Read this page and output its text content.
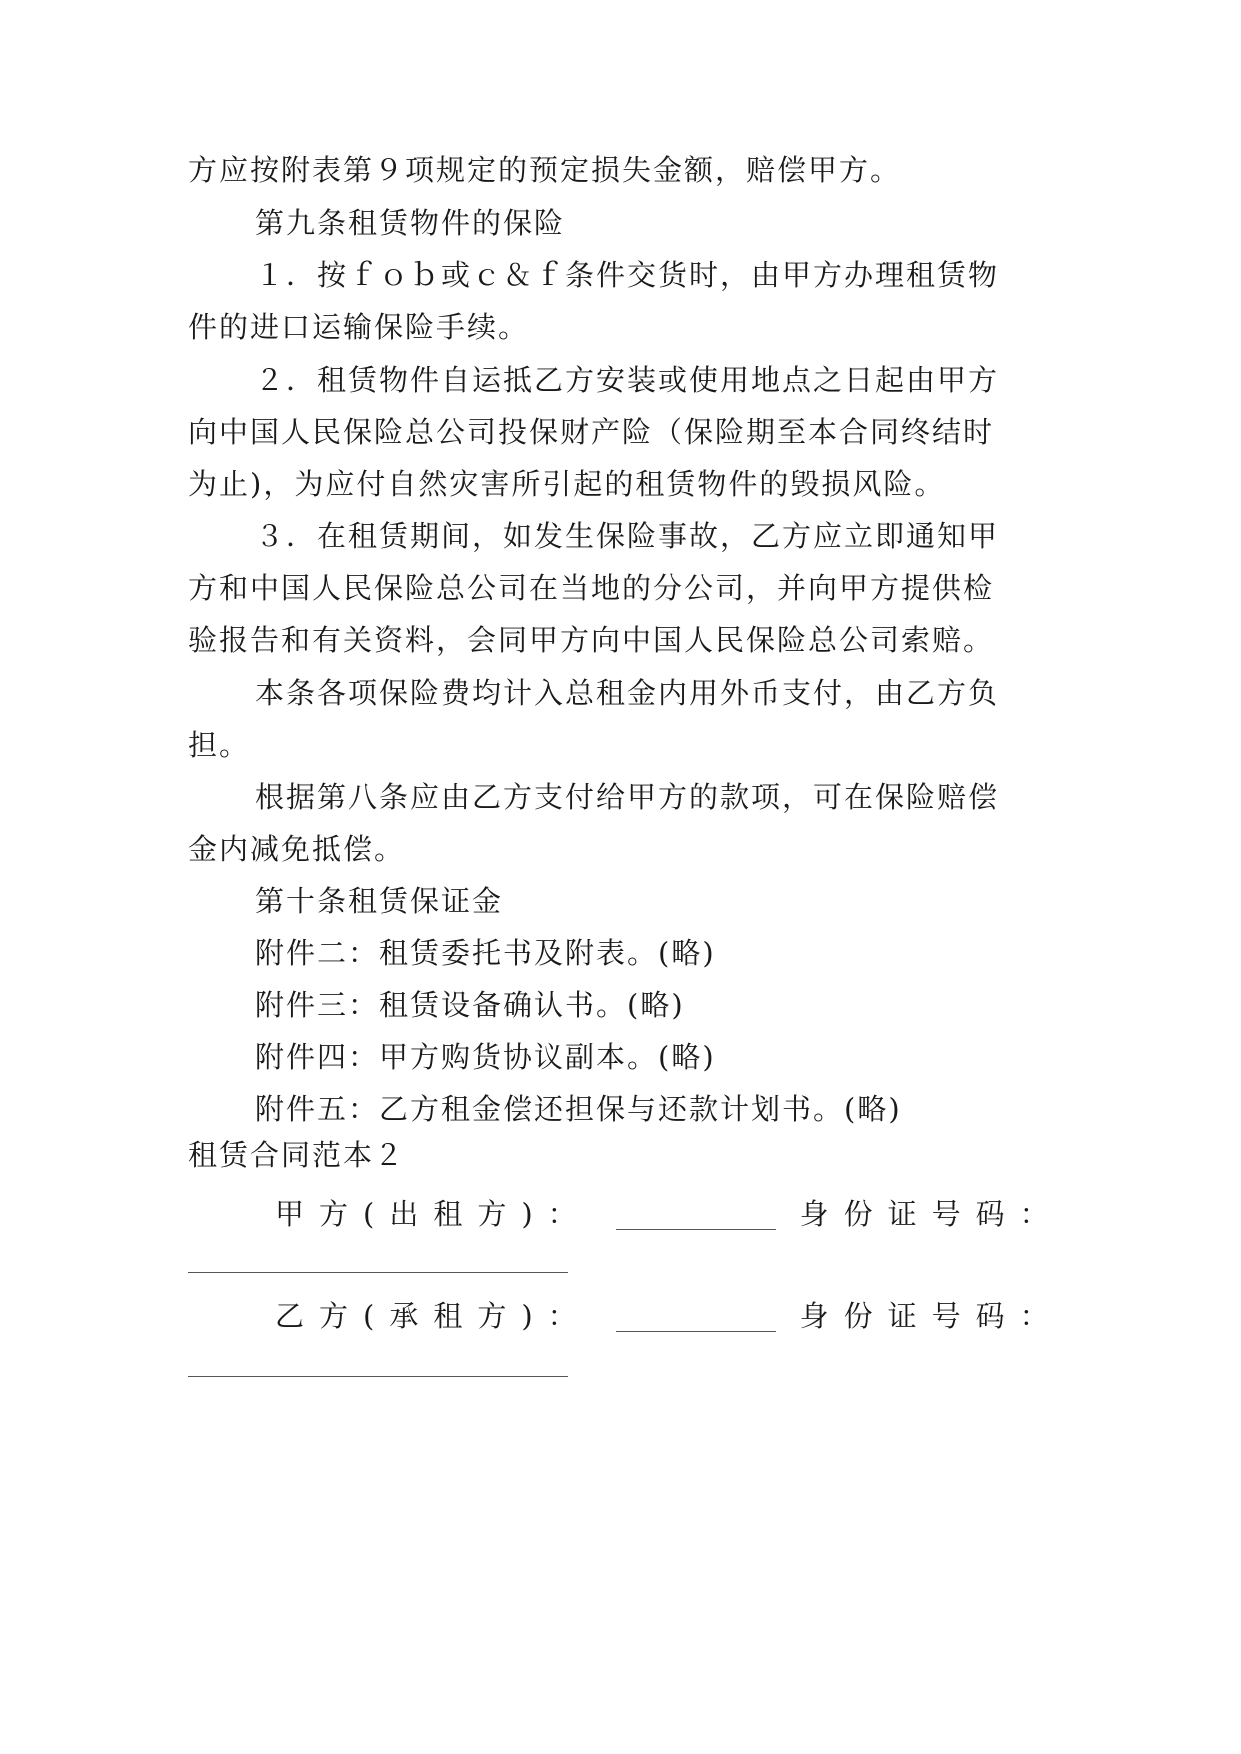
方应按附表第９项规定的预定损失金额，赔偿甲方。
第九条租赁物件的保险
１．按ｆｏｂ或ｃ＆ｆ条件交货时，由甲方办理租赁物
件的进口运输保险手续。
２．租赁物件自运抵乙方安装或使用地点之日起由甲方
向中国人民保险总公司投保财产险（保险期至本合同终结时
为止)，为应付自然灾害所引起的租赁物件的毁损风险。
３．在租赁期间，如发生保险事故，乙方应立即通知甲
方和中国人民保险总公司在当地的分公司，并向甲方提供检
验报告和有关资料，会同甲方向中国人民保险总公司索赔。
本条各项保险费均计入总租金内用外币支付，由乙方负
担。
根据第八条应由乙方支付给甲方的款项，可在保险赔偿
金内减免抵偿。
第十条租赁保证金
附件二：租赁委托书及附表。(略)
附件三：租赁设备确认书。(略)
附件四：甲方购货协议副本。(略)
附件五：乙方租金偿还担保与还款计划书。(略)
租赁合同范本２
甲方(出租方)：	身份证号码：
乙方(承租方)：	身份证号码：
